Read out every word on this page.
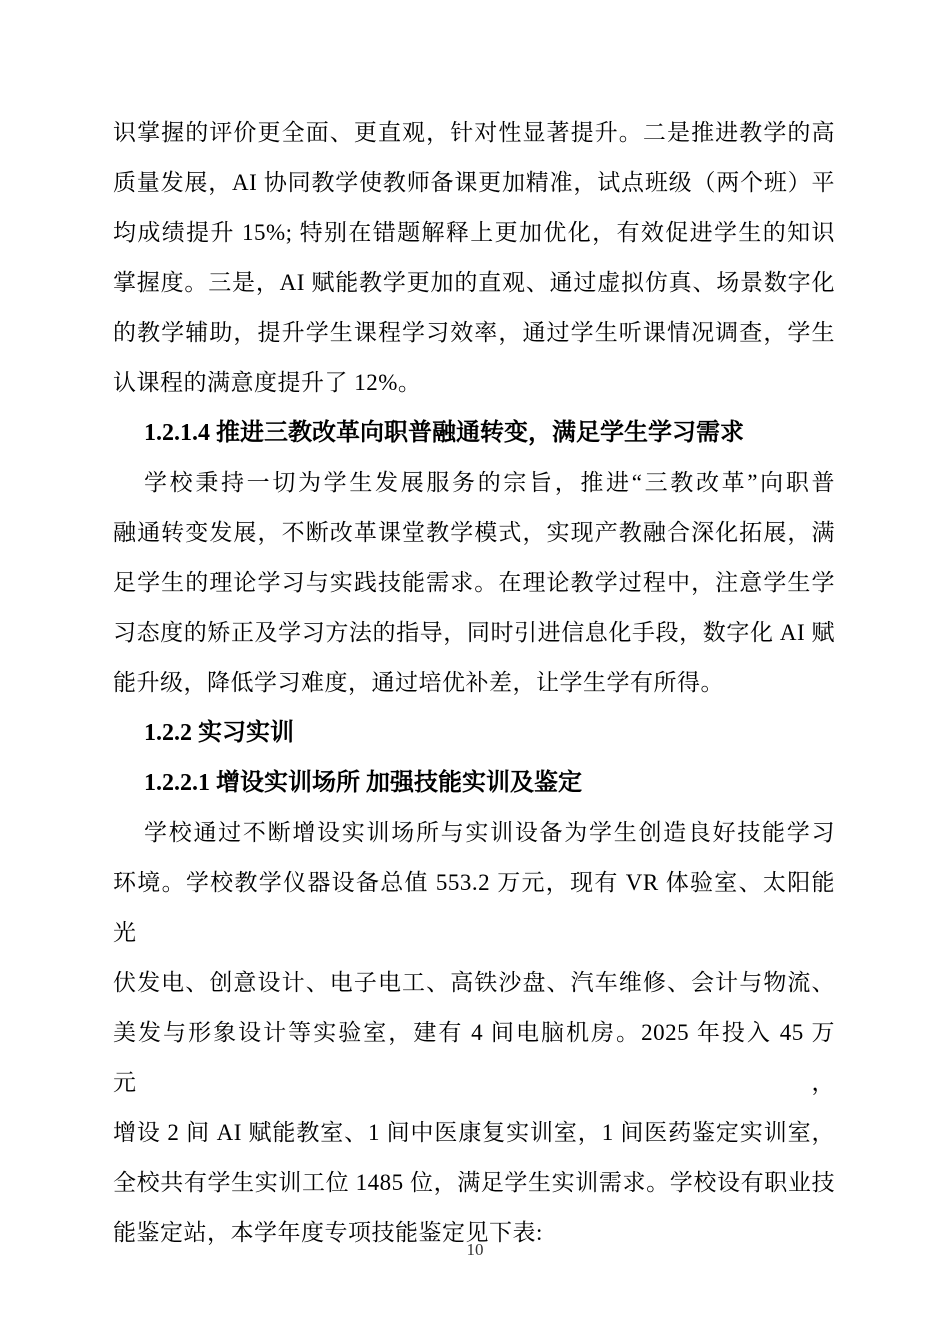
识掌握的评价更全面、更直观，针对性显著提升。二是推进教学的高
质量发展，AI 协同教学使教师备课更加精准，试点班级（两个班）平
均成绩提升 15%; 特别在错题解释上更加优化，有效促进学生的知识
掌握度。三是，AI 赋能教学更加的直观、通过虚拟仿真、场景数字化
的教学辅助，提升学生课程学习效率，通过学生听课情况调查，学生
认课程的满意度提升了 12%。
1.2.1.4 推进三教改革向职普融通转变，满足学生学习需求
学校秉持一切为学生发展服务的宗旨，推进“三教改革”向职普
融通转变发展，不断改革课堂教学模式，实现产教融合深化拓展，满
足学生的理论学习与实践技能需求。在理论教学过程中，注意学生学
习态度的矫正及学习方法的指导，同时引进信息化手段，数字化 AI 赋
能升级，降低学习难度，通过培优补差，让学生学有所得。
1.2.2 实习实训
1.2.2.1 增设实训场所 加强技能实训及鉴定
学校通过不断增设实训场所与实训设备为学生创造良好技能学习
环境。学校教学仪器设备总值 553.2 万元，现有 VR 体验室、太阳能光
伏发电、创意设计、电子电工、高铁沙盘、汽车维修、会计与物流、
美发与形象设计等实验室，建有 4 间电脑机房。2025 年投入 45 万元，
增设 2 间 AI 赋能教室、1 间中医康复实训室，1 间医药鉴定实训室，
全校共有学生实训工位 1485 位，满足学生实训需求。学校设有职业技
能鉴定站，本学年度专项技能鉴定见下表:
10
